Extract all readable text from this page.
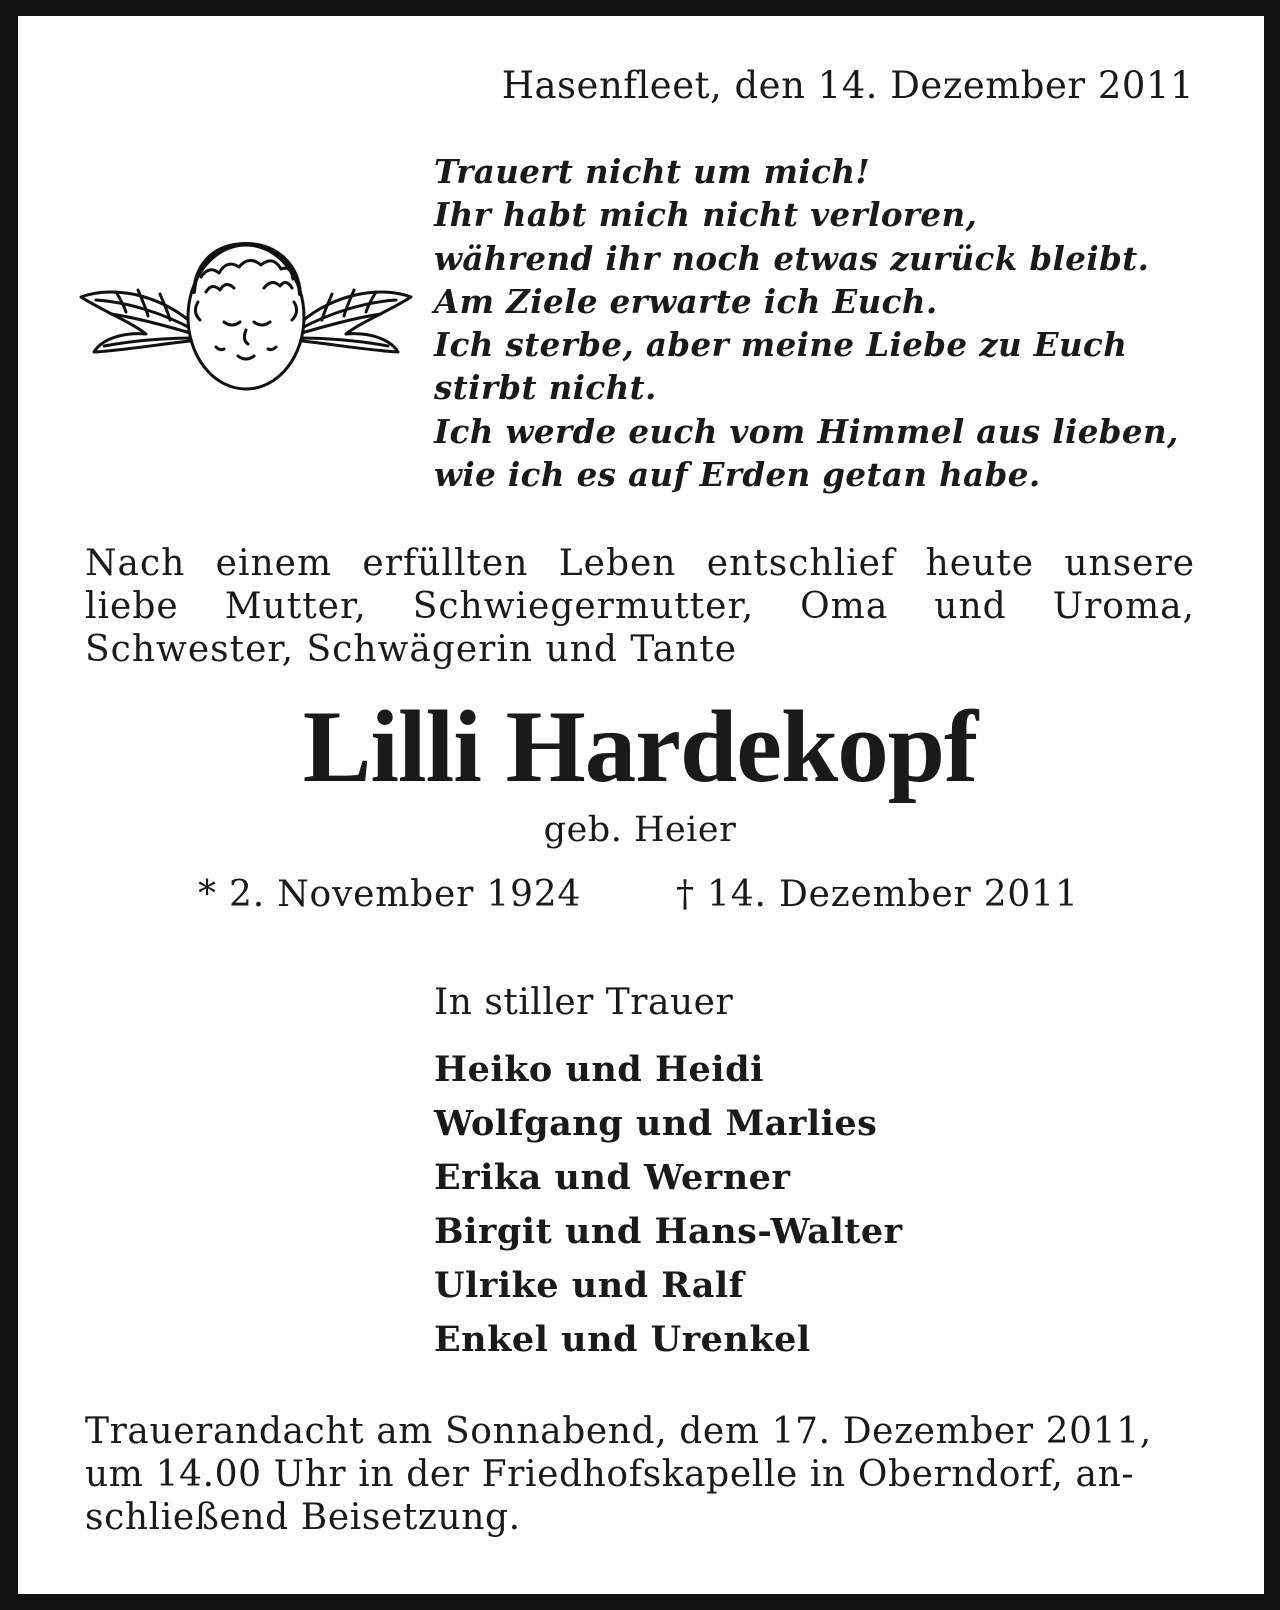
Hasenfleet, den 14. Dezember 2011

Trauert nicht um mich!
Ihr habt mich nicht verloren,
während ihr noch etwas zurück bleibt.
Am Ziele erwarte ich Euch.
Ich sterbe, aber meine Liebe zu Euch
stirbt nicht.
Ich werde euch vom Himmel aus lieben,
wie ich es auf Erden getan habe.
Nach einem erfüllten Leben entschlief heute unsere
liebe Mutter, Schwiegermutter, Oma und Uroma,
Schwester, Schwägerin und Tante
Lilli Hardekopf

geb. Heier

* 2. November 1924	† 14. Dezember 2011

In stiller Trauer

Heiko und Heidi
Wolfgang und Marlies
Erika und Werner
Birgit und Hans-Walter
Ulrike und Ralf
Enkel und Urenkel
Trauerandacht am Sonnabend, dem 17. Dezember 2011,
um 14.00 Uhr in der Friedhofskapelle in Oberndorf, an-
schließend Beisetzung.
